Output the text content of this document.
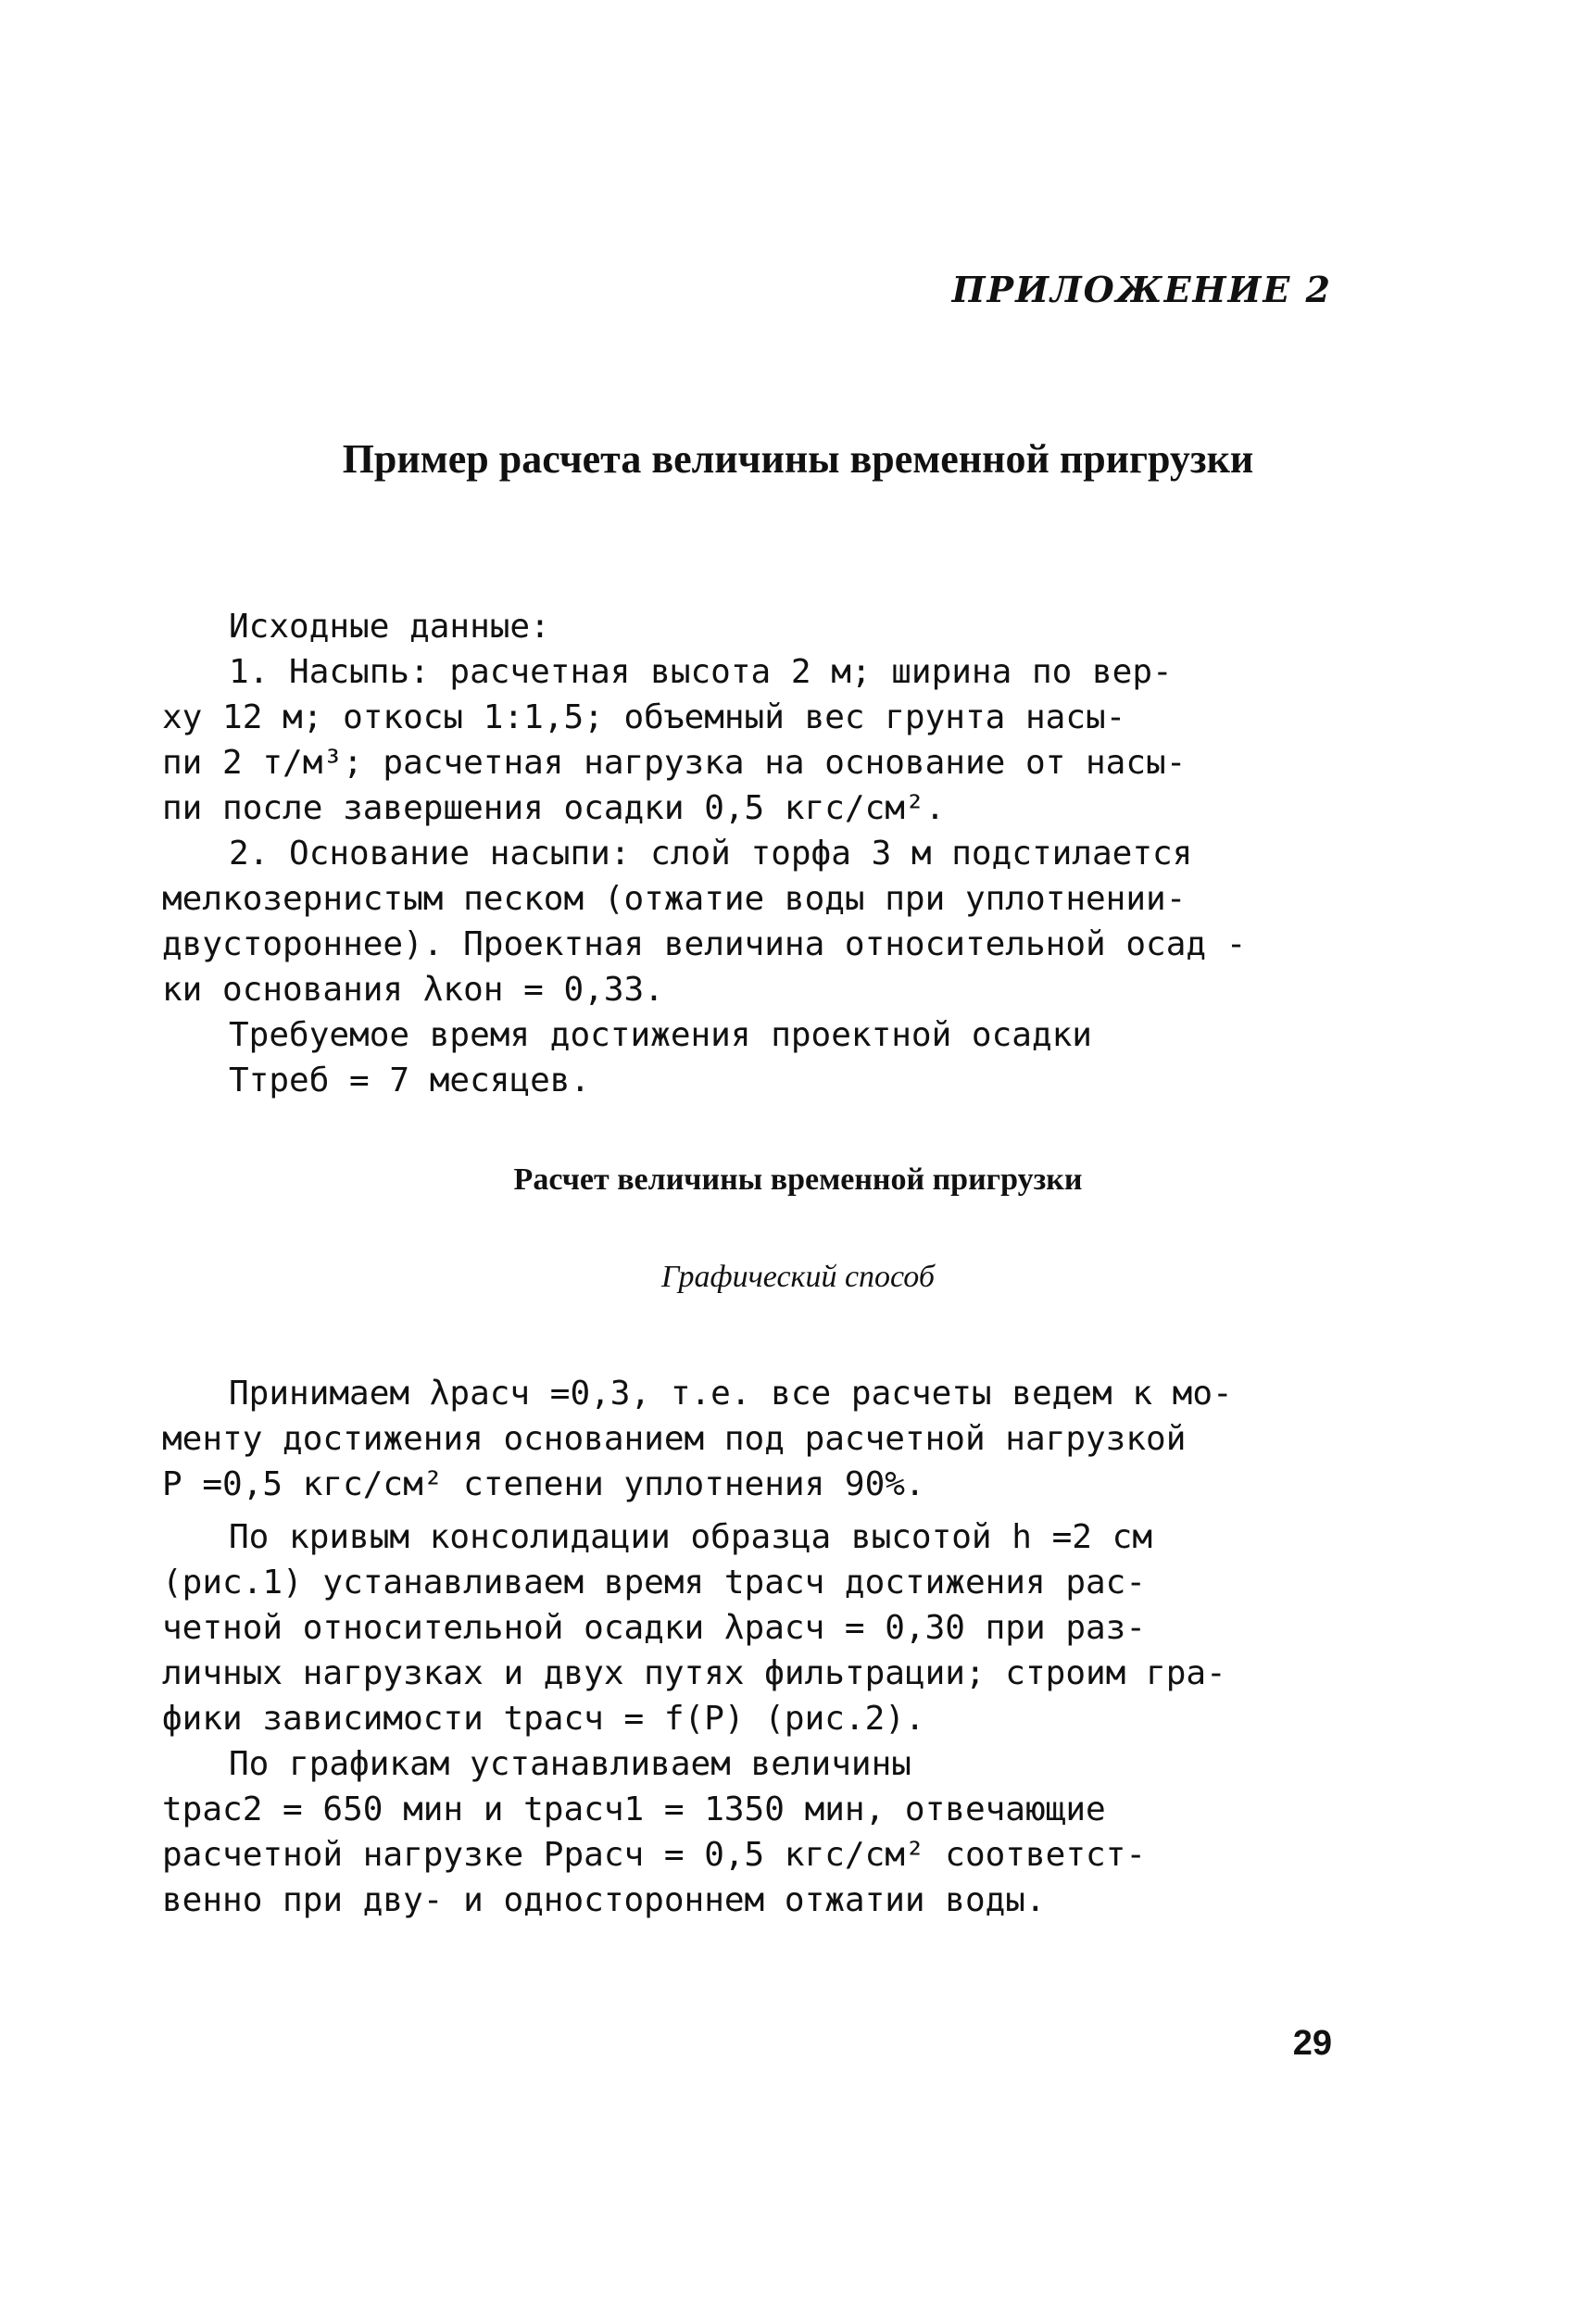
ПРИЛОЖЕНИЕ 2
Пример расчета величины временной пригрузки

Исходные данные:

1. Насыпь: расчетная высота 2 м; ширина по вер-
ху 12 м; откосы 1:1,5; объемный вес грунта насы-
пи 2 т/м³; расчетная нагрузка на основание от насы-
пи после завершения осадки 0,5 кгс/см².

2. Основание насыпи: слой торфа 3 м подстилается
мелкозернистым песком (отжатие воды при уплотнении-
двустороннее). Проектная величина относительной осад -
ки основания λкон = 0,33.

Требуемое время достижения проектной осадки
Tтреб = 7 месяцев.

Расчет величины временной пригрузки
Графический способ

Принимаем λрасч =0,3, т.е. все расчеты ведем к мо-
менту достижения основанием под расчетной нагрузкой
P =0,5 кгс/см² степени уплотнения 90%.

По кривым консолидации образца высотой h =2 см
(рис.1) устанавливаем время tрасч достижения рас-
четной относительной осадки λрасч = 0,30 при раз-
личных нагрузках и двух путях фильтрации; строим гра-
фики зависимости tрасч = f(P) (рис.2).

По графикам устанавливаем величины
tрас2 = 650 мин и tрасч1 = 1350 мин, отвечающие
расчетной нагрузке Pрасч = 0,5 кгс/см² соответст-
венно при дву- и одностороннем отжатии воды.

29
